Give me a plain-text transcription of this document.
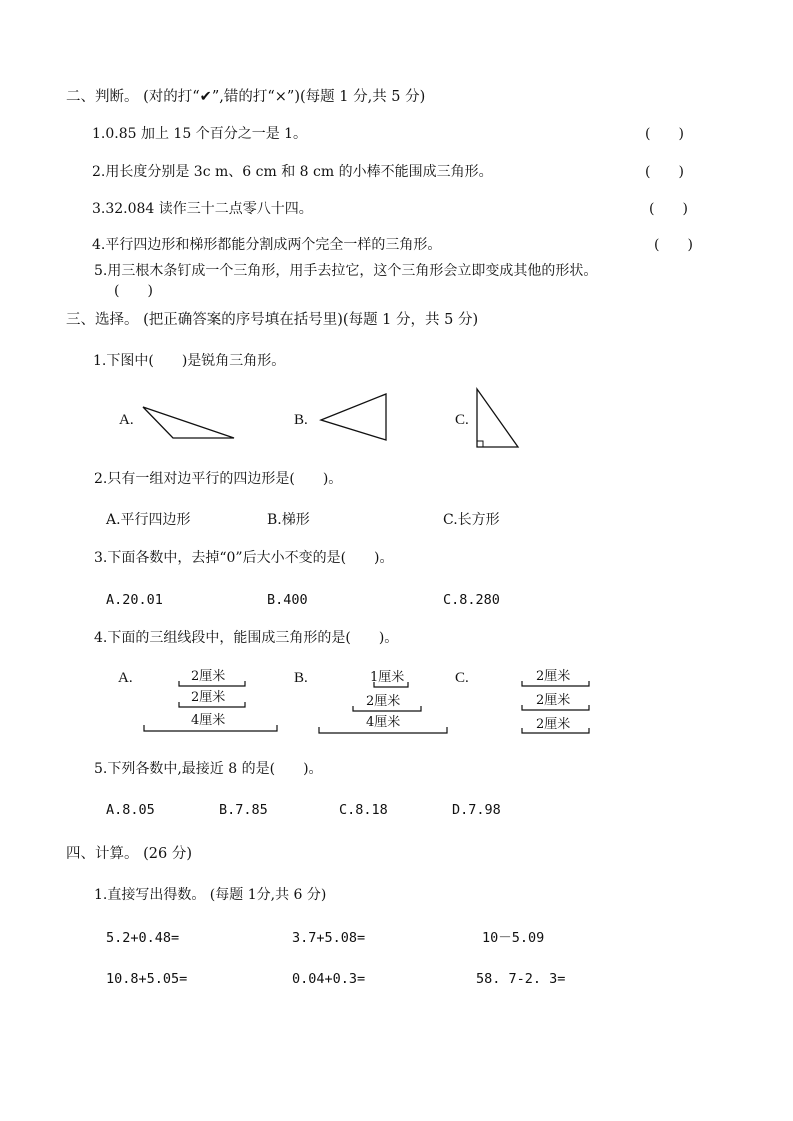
二、判断。 (对的打“✔”,错的打“×”)(每题 1 分,共 5 分)
1.0.85 加上 15 个百分之一是 1。	(　　)
2.用长度分别是 3c m、6 cm 和 8 cm 的小棒不能围成三角形。	(　　)
3.32.084 读作三十二点零八十四。	(　　)
4.平行四边形和梯形都能分割成两个完全一样的三角形。	(　　)
5.用三根木条钉成一个三角形，用手去拉它，这个三角形会立即变成其他的形状。
(　　)
三、选择。 (把正确答案的序号填在括号里)(每题 1 分，共 5 分)
1.下图中(　　)是锐角三角形。
A.	B.	C.
2.只有一组对边平行的四边形是(　　)。
A.平行四边形	B.梯形	C.长方形
3.下面各数中，去掉“0”后大小不变的是(　　)。
A.20.01	B.400	C.8.280
4.下面的三组线段中，能围成三角形的是(　　)。
A.	B.	C.
2厘米
2厘米
4厘米
1厘米
2厘米
4厘米
2厘米
2厘米
2厘米
5.下列各数中,最接近 8 的是(　　)。
A.8.05	B.7.85	C.8.18	D.7.98
四、计算。 (26 分)
1.直接写出得数。 (每题 1分,共 6 分)
5.2+0.48=	3.7+5.08=	10－5.09
10.8+5.05=	0.04+0.3=	58. 7-2. 3=
